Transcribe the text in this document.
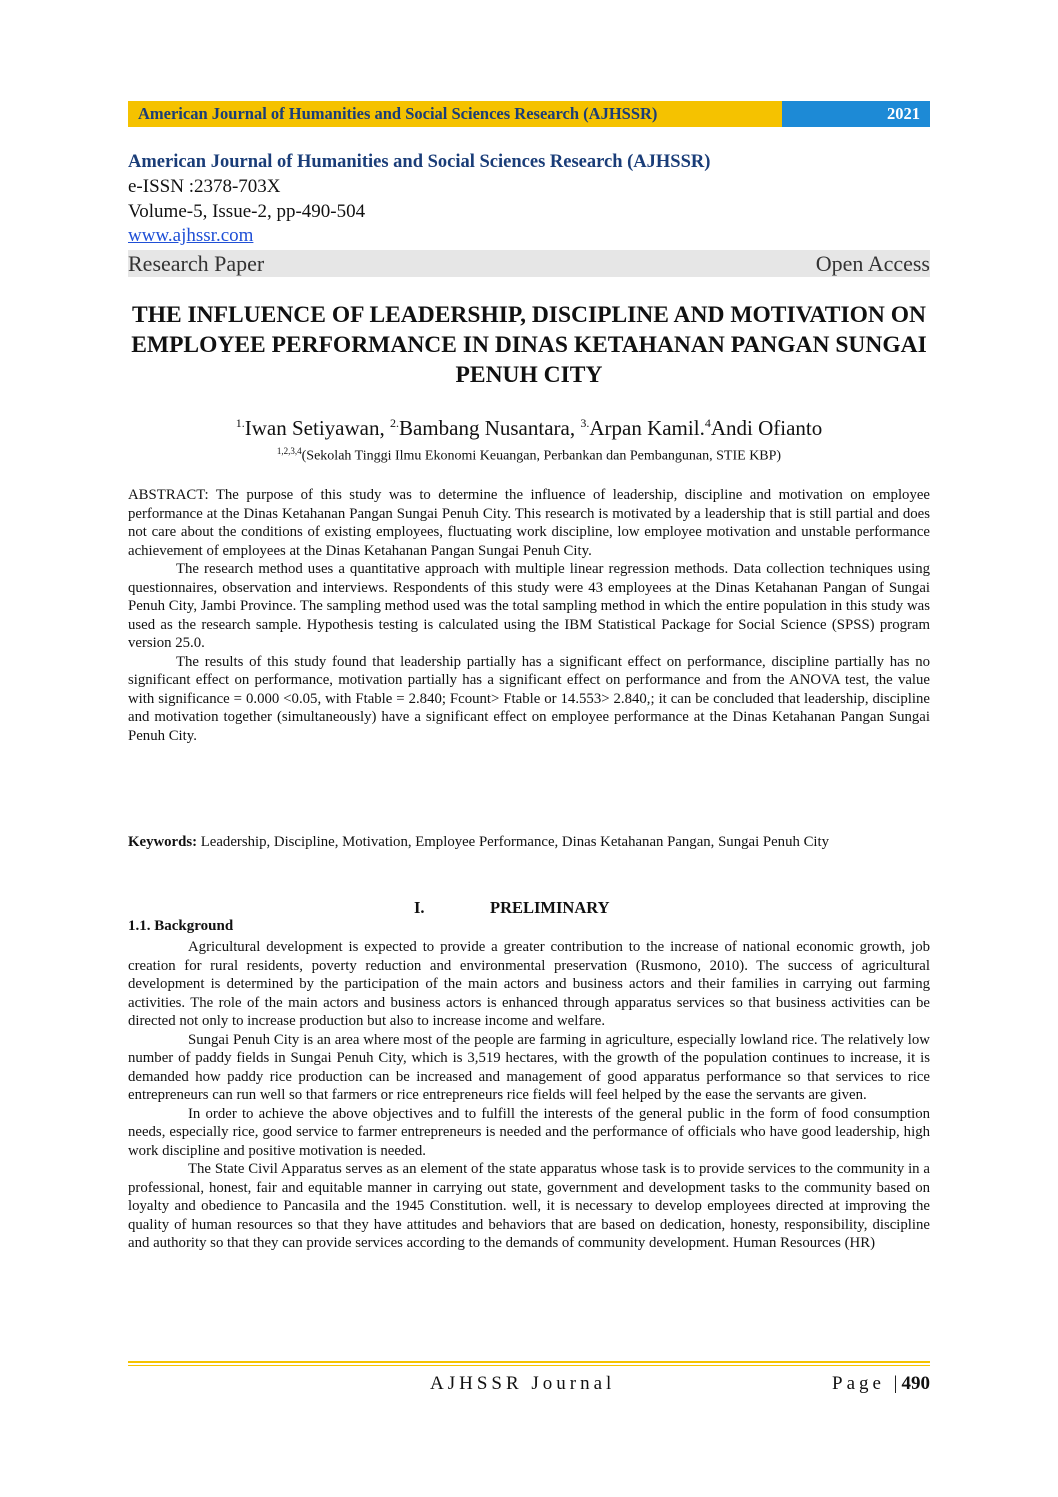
American Journal of Humanities and Social Sciences Research (AJHSSR)	2021
American Journal of Humanities and Social Sciences Research (AJHSSR)
e-ISSN :2378-703X
Volume-5, Issue-2, pp-490-504
www.ajhssr.com
Research Paper	Open Access
THE INFLUENCE OF LEADERSHIP, DISCIPLINE AND MOTIVATION ON EMPLOYEE PERFORMANCE IN DINAS KETAHANAN PANGAN SUNGAI PENUH CITY
$^{1.}$Iwan Setiyawan, $^{2.}$Bambang Nusantara, $^{3.}$Arpan Kamil.$^4$Andi Ofianto
$^{1,2,3,4}$(Sekolah Tinggi Ilmu Ekonomi Keuangan, Perbankan dan Pembangunan, STIE KBP)

ABSTRACT: The purpose of this study was to determine the influence of leadership, discipline and motivation on employee performance at the Dinas Ketahanan Pangan Sungai Penuh City. This research is motivated by a leadership that is still partial and does not care about the conditions of existing employees, fluctuating work discipline, low employee motivation and unstable performance achievement of employees at the Dinas Ketahanan Pangan Sungai Penuh City.

The research method uses a quantitative approach with multiple linear regression methods. Data collection techniques using questionnaires, observation and interviews. Respondents of this study were 43 employees at the Dinas Ketahanan Pangan of Sungai Penuh City, Jambi Province. The sampling method used was the total sampling method in which the entire population in this study was used as the research sample. Hypothesis testing is calculated using the IBM Statistical Package for Social Science (SPSS) program version 25.0.

The results of this study found that leadership partially has a significant effect on performance, discipline partially has no significant effect on performance, motivation partially has a significant effect on performance and from the ANOVA test, the value with significance = 0.000 <0.05, with Ftable = 2.840; Fcount> Ftable or 14.553> 2.840,; it can be concluded that leadership, discipline and motivation together (simultaneously) have a significant effect on employee performance at the Dinas Ketahanan Pangan Sungai Penuh City.

Keywords: Leadership, Discipline, Motivation, Employee Performance, Dinas Ketahanan Pangan, Sungai Penuh City

I.	PRELIMINARY
1.1. Background

Agricultural development is expected to provide a greater contribution to the increase of national economic growth, job creation for rural residents, poverty reduction and environmental preservation (Rusmono, 2010). The success of agricultural development is determined by the participation of the main actors and business actors and their families in carrying out farming activities. The role of the main actors and business actors is enhanced through apparatus services so that business activities can be directed not only to increase production but also to increase income and welfare.

Sungai Penuh City is an area where most of the people are farming in agriculture, especially lowland rice. The relatively low number of paddy fields in Sungai Penuh City, which is 3,519 hectares, with the growth of the population continues to increase, it is demanded how paddy rice production can be increased and management of good apparatus performance so that services to rice entrepreneurs can run well so that farmers or rice entrepreneurs rice fields will feel helped by the ease the servants are given.

In order to achieve the above objectives and to fulfill the interests of the general public in the form of food consumption needs, especially rice, good service to farmer entrepreneurs is needed and the performance of officials who have good leadership, high work discipline and positive motivation is needed.

The State Civil Apparatus serves as an element of the state apparatus whose task is to provide services to the community in a professional, honest, fair and equitable manner in carrying out state, government and development tasks to the community based on loyalty and obedience to Pancasila and the 1945 Constitution. well, it is necessary to develop employees directed at improving the quality of human resources so that they have attitudes and behaviors that are based on dedication, honesty, responsibility, discipline and authority so that they can provide services according to the demands of community development. Human Resources (HR)

AJHSSR Journal	Page |490
